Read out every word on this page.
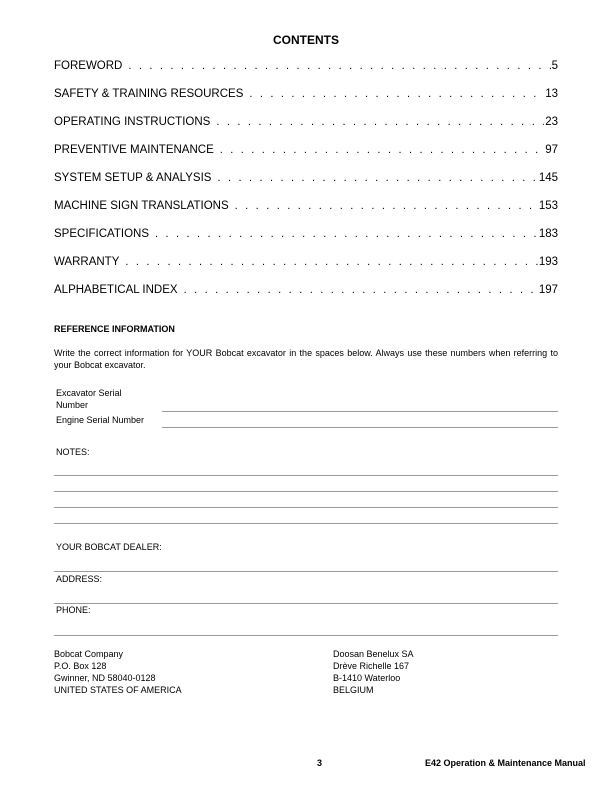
CONTENTS
FOREWORD . . .	5
SAFETY & TRAINING RESOURCES . . .	13
OPERATING INSTRUCTIONS . . .	23
PREVENTIVE MAINTENANCE . . .	97
SYSTEM SETUP & ANALYSIS . . .	145
MACHINE SIGN TRANSLATIONS . . .	153
SPECIFICATIONS . . .	183
WARRANTY . . .	193
ALPHABETICAL INDEX . . .	197
REFERENCE INFORMATION
Write the correct information for YOUR Bobcat excavator in the spaces below. Always use these numbers when referring to your Bobcat excavator.
Excavator Serial
Number
Engine Serial Number
NOTES:
YOUR BOBCAT DEALER:
ADDRESS:
PHONE:
Bobcat Company
P.O. Box 128
Gwinner, ND 58040-0128
UNITED STATES OF AMERICA
Doosan Benelux SA
Drève Richelle 167
B-1410 Waterloo
BELGIUM
3	E42 Operation & Maintenance Manual
